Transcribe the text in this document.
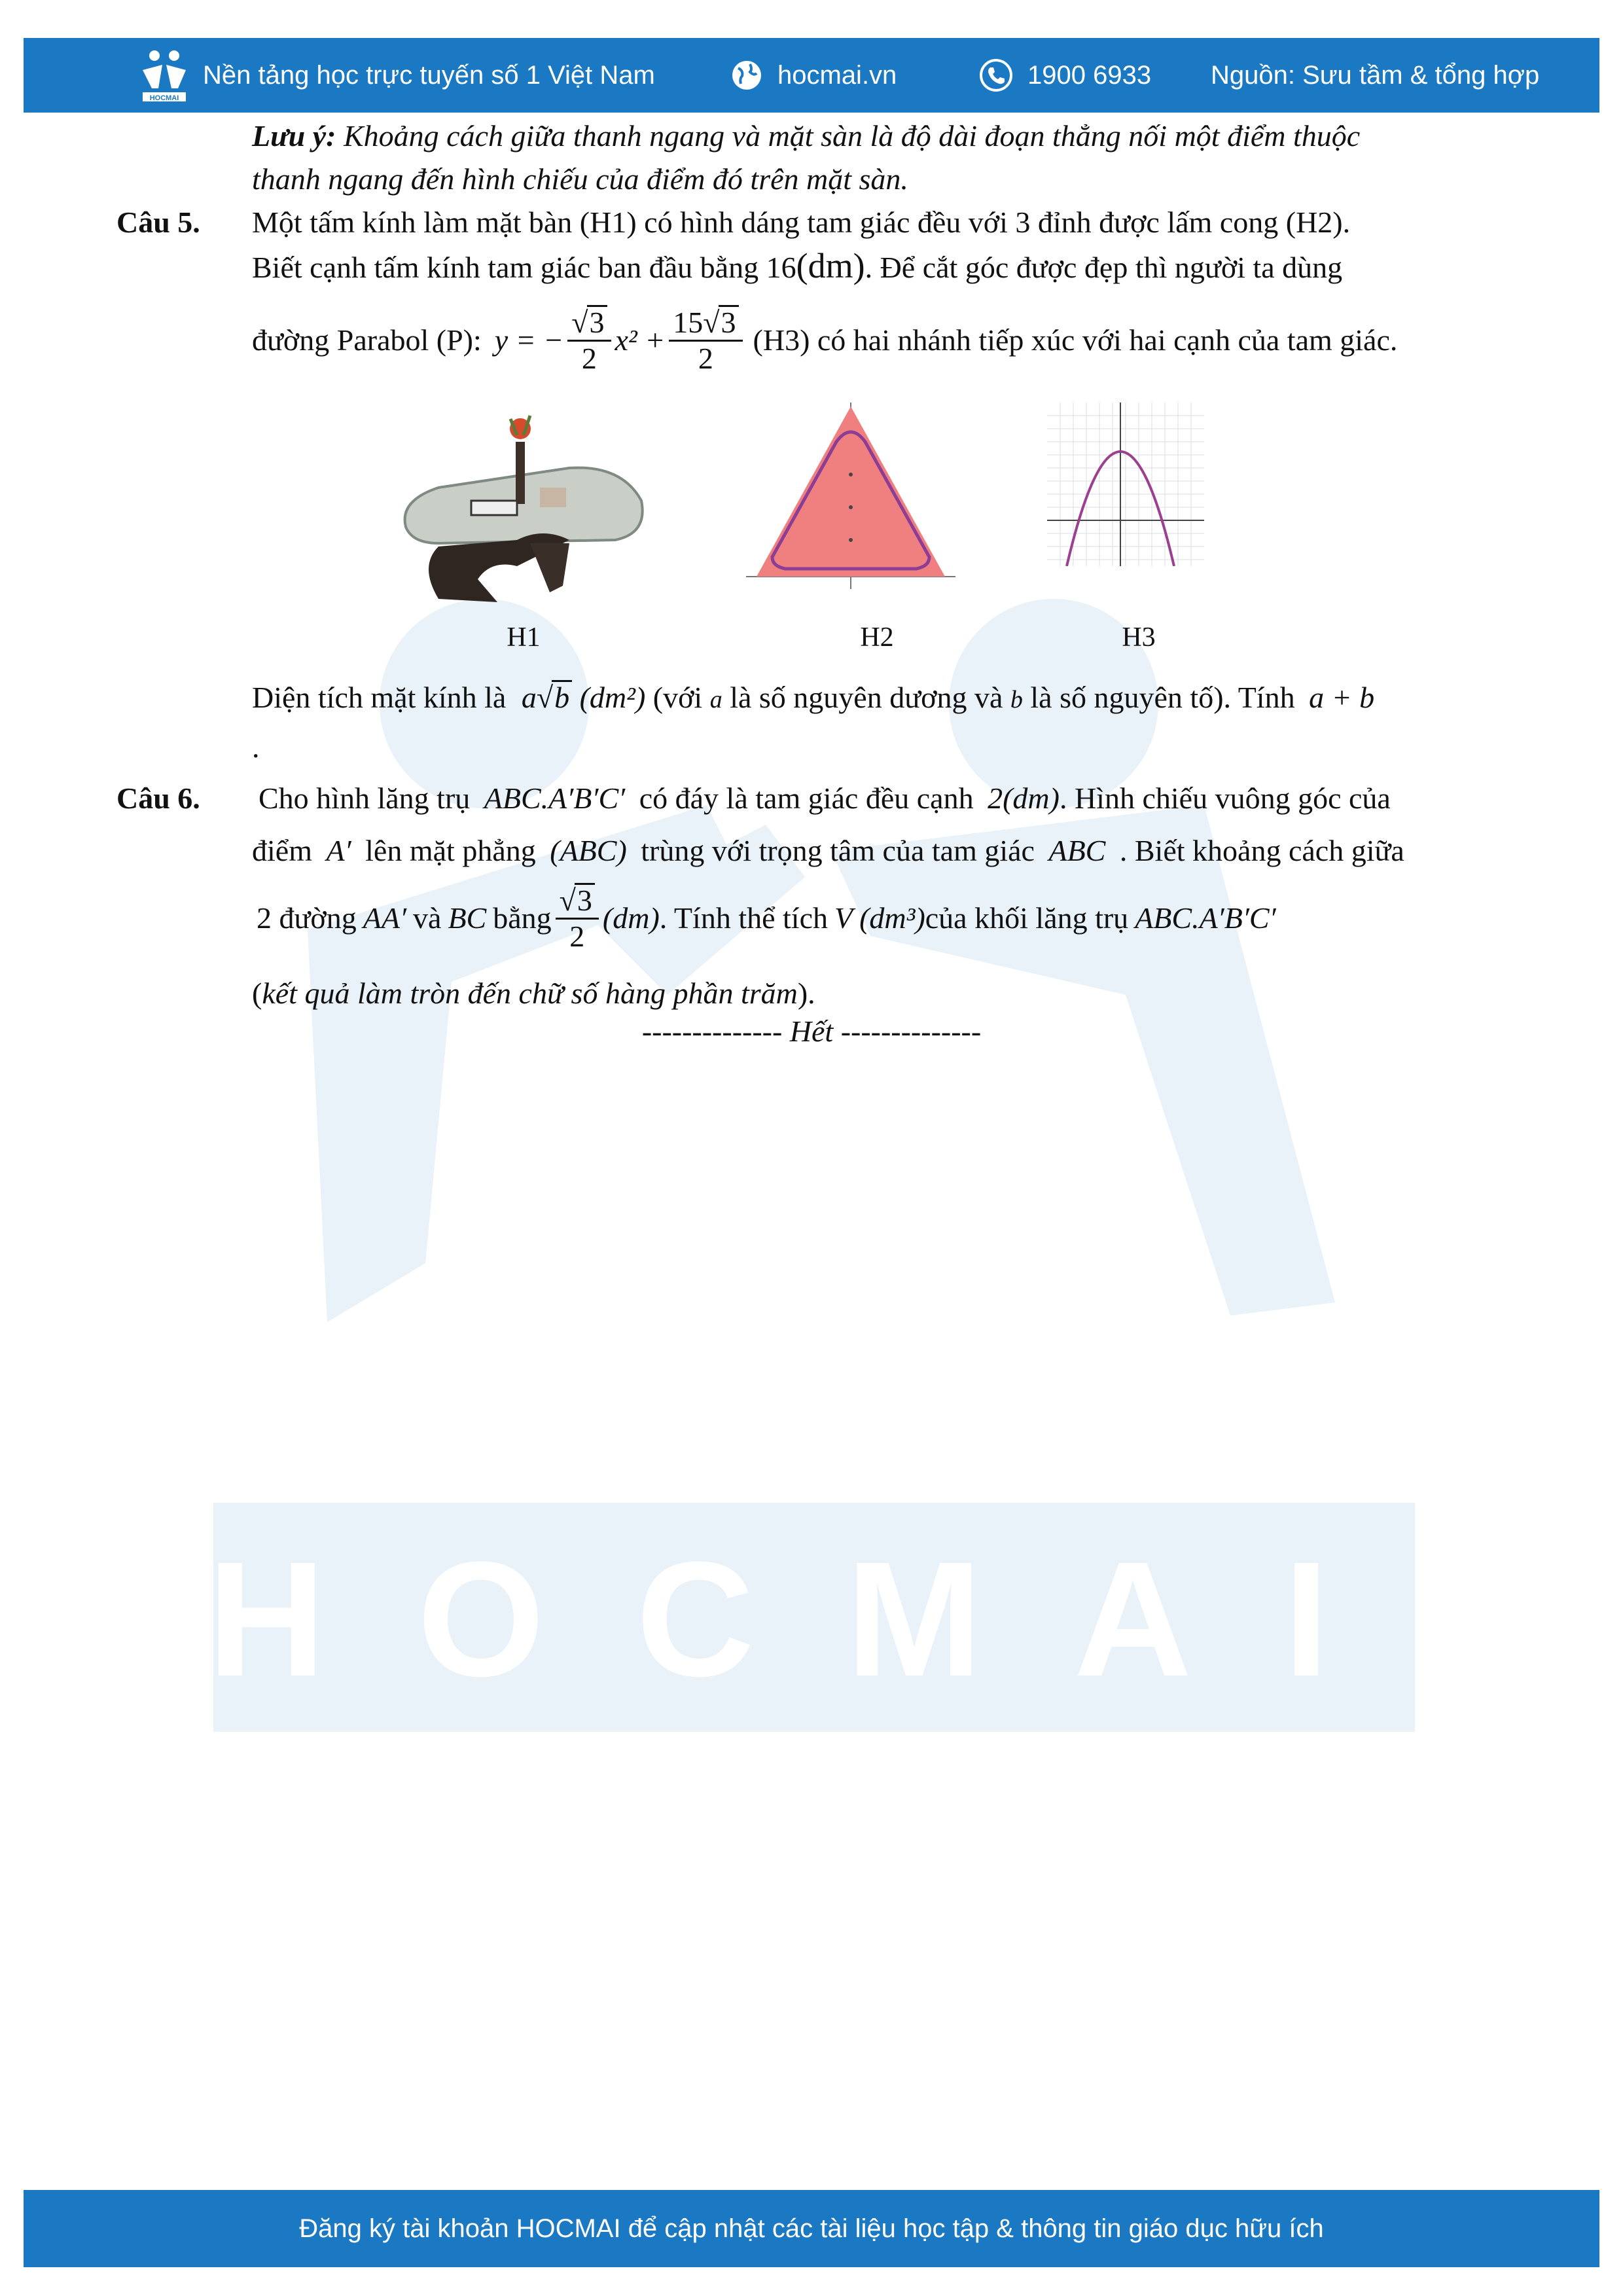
HOCMAI
HOCMAI
Nền tảng học trực tuyến số 1 Việt Nam	hocmai.vn	1900 6933 Nguồn: Sưu tầm & tổng hợp
Lưu ý: Khoảng cách giữa thanh ngang và mặt sàn là độ dài đoạn thẳng nối một điểm thuộc
thanh ngang đến hình chiếu của điểm đó trên mặt sàn.
Câu 5. Một tấm kính làm mặt bàn (H1) có hình dáng tam giác đều với 3 đỉnh được lấm cong (H2).
Biết cạnh tấm kính tam giác ban đầu bằng 16(dm). Để cắt góc được đẹp thì người ta dùng
đường Parabol (P): y = − $\frac{√3}{2} x^2 + \frac{15√3}{2} (H3)$ có hai nhánh tiếp xúc với hai cạnh của tam giác.
H1	H2	H3
Diện tích mặt kính là a√b (dm²) (với a là số nguyên dương và b là số nguyên tố). Tính a + b
.
Câu 6. Cho hình lăng trụ ABC.A′B′C′ có đáy là tam giác đều cạnh 2(dm). Hình chiếu vuông góc của
điểm A′ lên mặt phẳng (ABC) trùng với trọng tâm của tam giác ABC . Biết khoảng cách giữa
2 đường AA′ và BC bằng $\frac{√3}{2} (dm)$ . Tính thể tích V (dm³) của khối lăng trụ ABC.A′B′C′
(kết quả làm tròn đến chữ số hàng phần trăm).
-------------- Hết --------------
Đăng ký tài khoản HOCMAI để cập nhật các tài liệu học tập & thông tin giáo dục hữu ích
